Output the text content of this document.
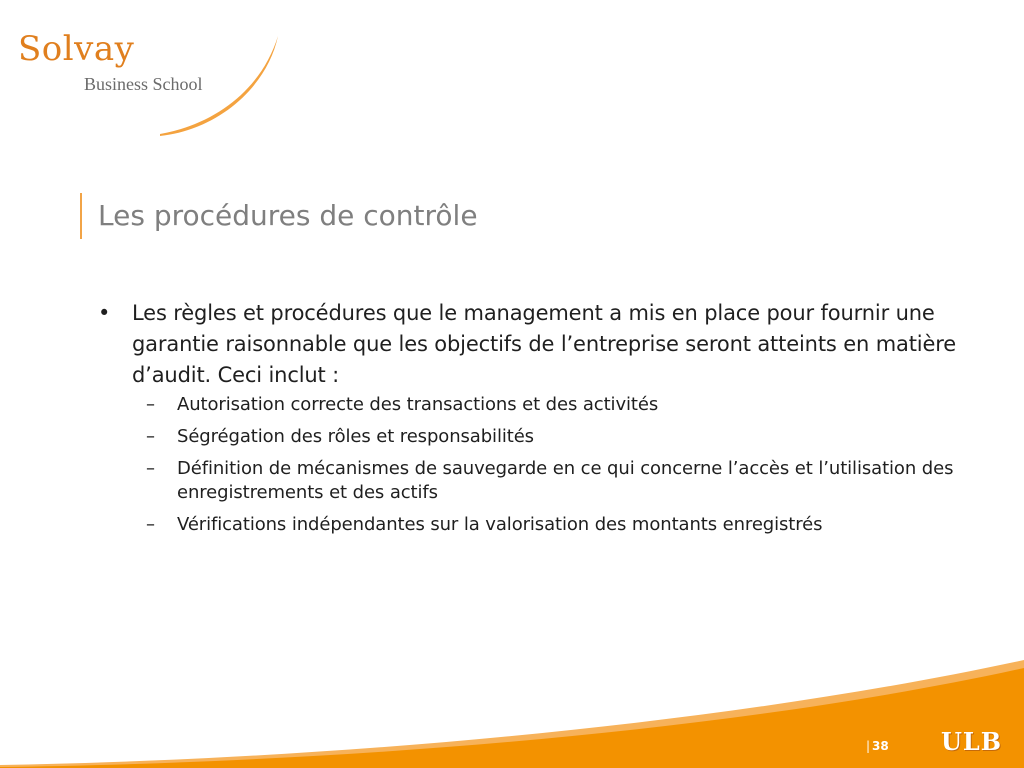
Solvay
Business School
Les procédures de contrôle
• Les règles et procédures que le management a mis en place pour fournir une garantie raisonnable que les objectifs de l’entreprise seront atteints en matière d’audit. Ceci inclut :
– Autorisation correcte des transactions et des activités
– Ségrégation des rôles et responsabilités
– Définition de mécanismes de sauvegarde en ce qui concerne l’accès et l’utilisation des enregistrements et des actifs
– Vérifications indépendantes sur la valorisation des montants enregistrés
| 38 ULB
